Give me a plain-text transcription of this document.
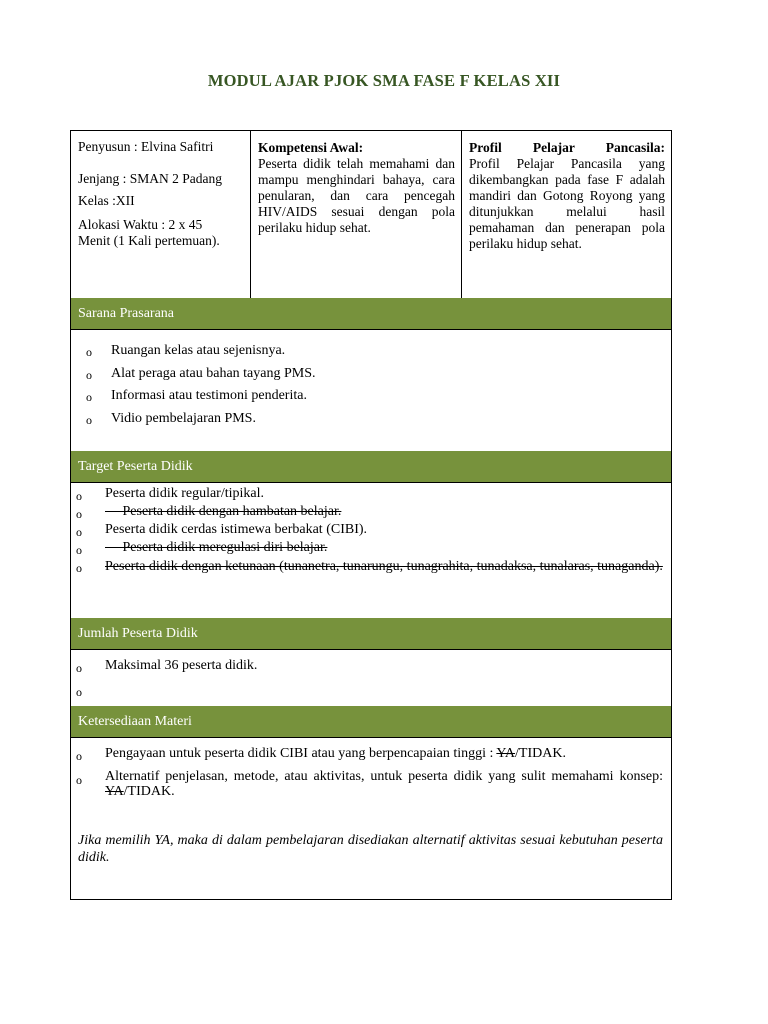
MODUL AJAR PJOK SMA FASE F KELAS XII
Penyusun : Elvina Safitri
Jenjang : SMAN 2 Padang
Kelas :XII
Alokasi Waktu : 2 x 45
Menit (1 Kali pertemuan).
Kompetensi Awal:
Peserta didik telah memahami dan mampu menghindari bahaya, cara penularan, dan cara pencegah HIV/AIDS sesuai dengan pola perilaku hidup sehat.
Profil Pelajar Pancasila:
Profil Pelajar Pancasila yang dikembangkan pada fase F adalah mandiri dan Gotong Royong yang ditunjukkan melalui hasil pemahaman dan penerapan pola perilaku hidup sehat.
Sarana Prasarana
o Ruangan kelas atau sejenisnya.
o Alat peraga atau bahan tayang PMS.
o Informasi atau testimoni penderita.
o Vidio pembelajaran PMS.
Target Peserta Didik
o Peserta didik regular/tipikal.
o	Peserta didik dengan hambatan belajar.
o Peserta didik cerdas istimewa berbakat (CIBI).
o	Peserta didik meregulasi diri belajar.
o Peserta didik dengan ketunaan (tunanetra, tunarungu, tunagrahita, tunadaksa, tunalaras, tunaganda).
Jumlah Peserta Didik
o Maksimal 36 peserta didik.
o
Ketersediaan Materi
o Pengayaan untuk peserta didik CIBI atau yang berpencapaian tinggi : YA/TIDAK.
o Alternatif penjelasan, metode, atau aktivitas, untuk peserta didik yang sulit memahami konsep: YA/TIDAK.
Jika memilih YA, maka di dalam pembelajaran disediakan alternatif aktivitas sesuai kebutuhan peserta didik.
